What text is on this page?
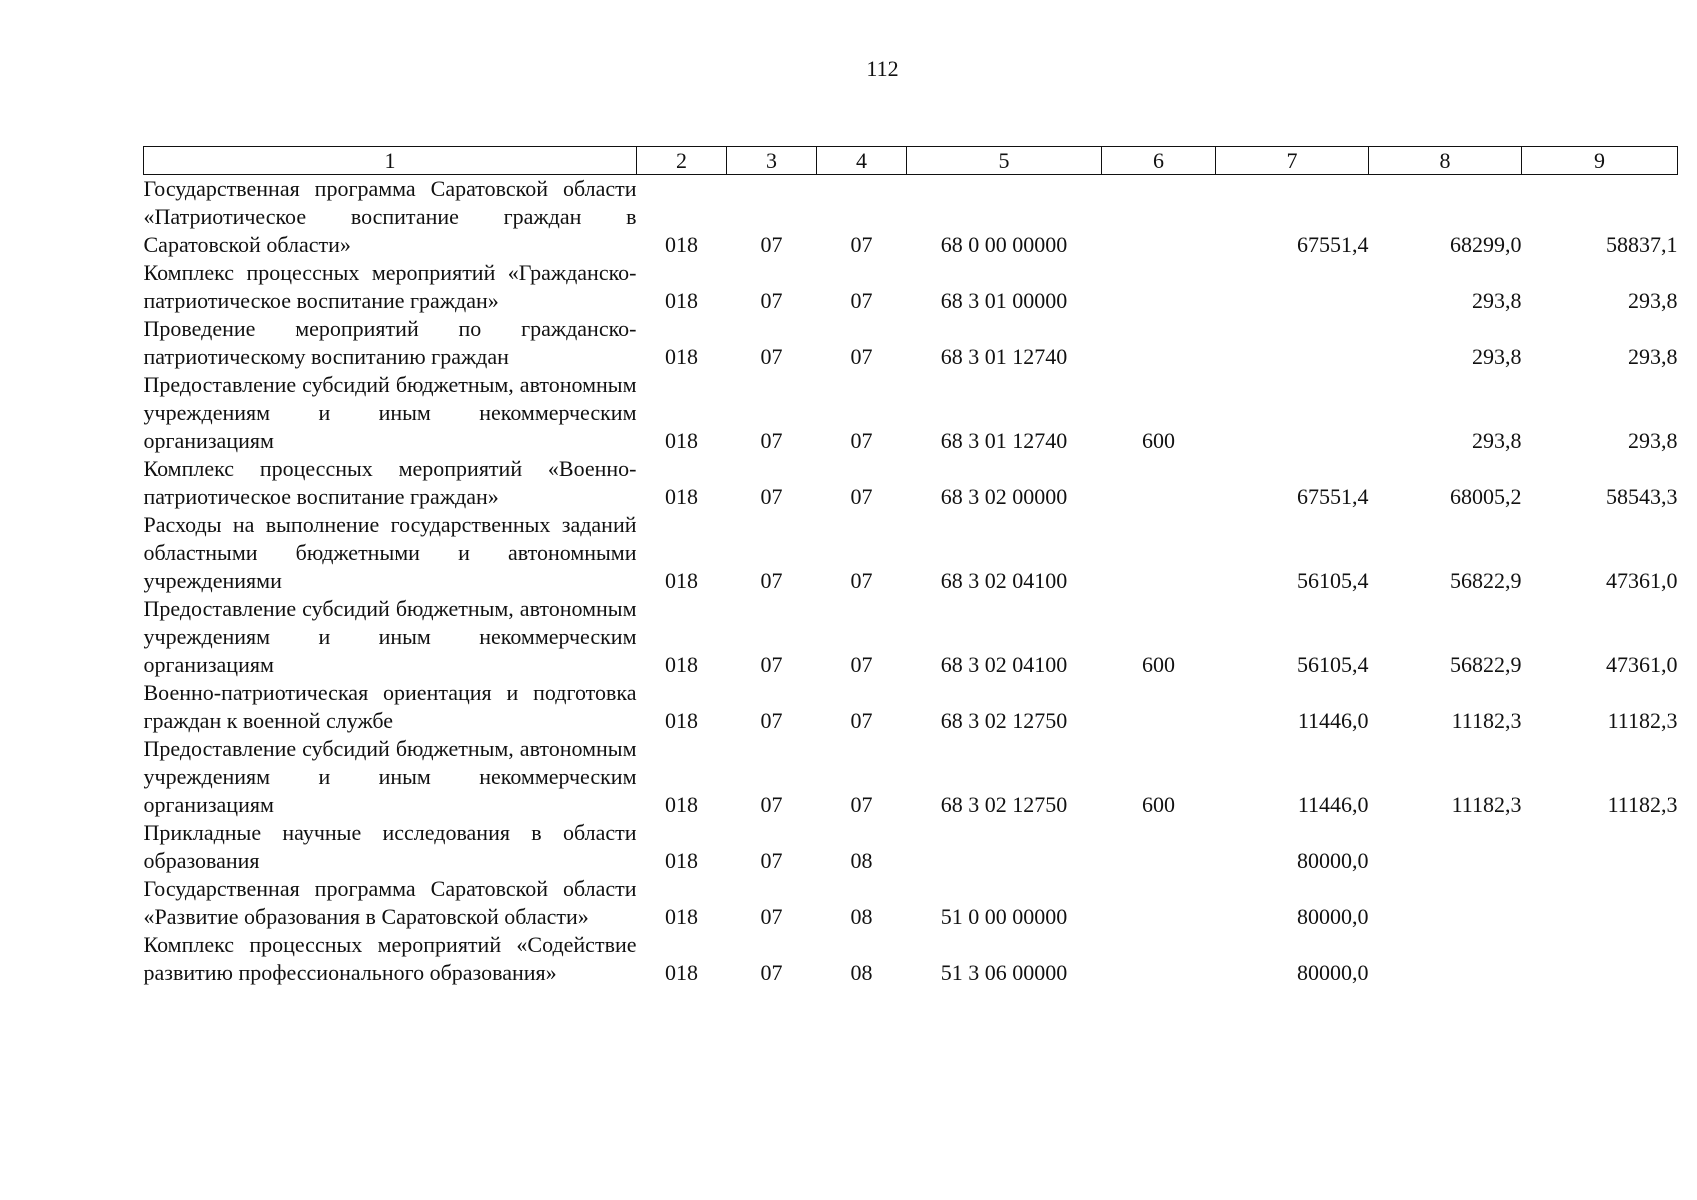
112
1	2	3	4	5	6	7	8	9
Государственная программа Саратовской области «Патриотическое воспитание граждан в Саратовской области»	018	07	07	68 0 00 00000		67551,4	68299,0	58837,1
Комплекс процессных мероприятий «Гражданско-патриотическое воспитание граждан»	018	07	07	68 3 01 00000			293,8	293,8
Проведение мероприятий по гражданско-патриотическому воспитанию граждан	018	07	07	68 3 01 12740			293,8	293,8
Предоставление субсидий бюджетным, автономным учреждениям и иным некоммерческим организациям	018	07	07	68 3 01 12740	600		293,8	293,8
Комплекс процессных мероприятий «Военно-патриотическое воспитание граждан»	018	07	07	68 3 02 00000		67551,4	68005,2	58543,3
Расходы на выполнение государственных заданий областными бюджетными и автономными учреждениями	018	07	07	68 3 02 04100		56105,4	56822,9	47361,0
Предоставление субсидий бюджетным, автономным учреждениям и иным некоммерческим организациям	018	07	07	68 3 02 04100	600	56105,4	56822,9	47361,0
Военно-патриотическая ориентация и подготовка граждан к военной службе	018	07	07	68 3 02 12750		11446,0	11182,3	11182,3
Предоставление субсидий бюджетным, автономным учреждениям и иным некоммерческим организациям	018	07	07	68 3 02 12750	600	11446,0	11182,3	11182,3
Прикладные научные исследования в области образования	018	07	08			80000,0		
Государственная программа Саратовской области «Развитие образования в Саратовской области»	018	07	08	51 0 00 00000		80000,0		
Комплекс процессных мероприятий «Содействие развитию профессионального образования»	018	07	08	51 3 06 00000		80000,0		
